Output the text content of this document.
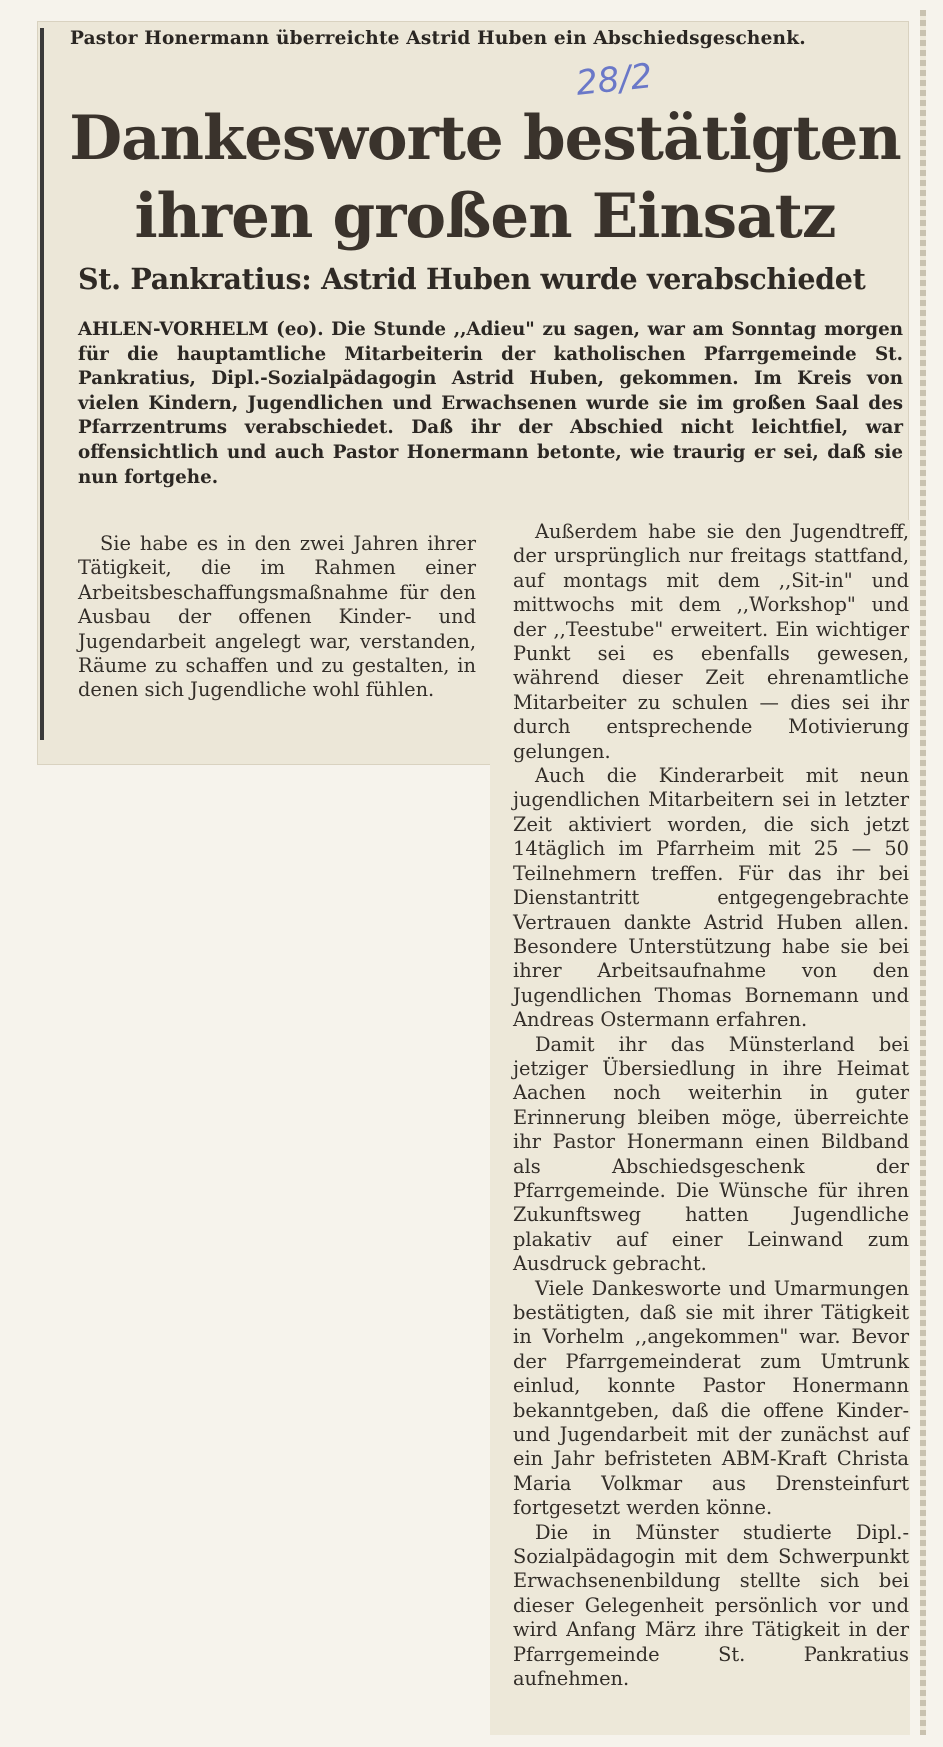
Pastor Honermann überreichte Astrid Huben ein Abschiedsgeschenk.
28/2
Dankesworte bestätigten
ihren großen Einsatz
St. Pankratius: Astrid Huben wurde verabschiedet

AHLEN-VORHELM (eo). Die Stunde ,,Adieu" zu sagen, war am Sonntag morgen für die hauptamtliche Mitarbeiterin der katholischen Pfarrgemeinde St. Pankratius, Dipl.-Sozialpädagogin Astrid Huben, gekommen. Im Kreis von vielen Kindern, Jugendlichen und Erwachsenen wurde sie im großen Saal des Pfarrzentrums verabschiedet. Daß ihr der Abschied nicht leichtfiel, war offensichtlich und auch Pastor Honermann betonte, wie traurig er sei, daß sie nun fortgehe.

Sie habe es in den zwei Jahren ihrer Tätigkeit, die im Rahmen einer Arbeitsbeschaffungsmaßnahme für den Ausbau der offenen Kinder- und Jugendarbeit angelegt war, verstanden, Räume zu schaffen und zu gestalten, in denen sich Jugendliche wohl fühlen.

Außerdem habe sie den Jugendtreff, der ursprünglich nur freitags stattfand, auf montags mit dem ,,Sit-in" und mittwochs mit dem ,,Workshop" und der ,,Teestube" erweitert. Ein wichtiger Punkt sei es ebenfalls gewesen, während dieser Zeit ehrenamtliche Mitarbeiter zu schulen — dies sei ihr durch entsprechende Motivierung gelungen.

Auch die Kinderarbeit mit neun jugendlichen Mitarbeitern sei in letzter Zeit aktiviert worden, die sich jetzt 14täglich im Pfarrheim mit 25 — 50 Teilnehmern treffen. Für das ihr bei Dienstantritt entgegengebrachte Vertrauen dankte Astrid Huben allen. Besondere Unterstützung habe sie bei ihrer Arbeitsaufnahme von den Jugendlichen Thomas Bornemann und Andreas Ostermann erfahren.

Damit ihr das Münsterland bei jetziger Übersiedlung in ihre Heimat Aachen noch weiterhin in guter Erinnerung bleiben möge, überreichte ihr Pastor Honermann einen Bildband als Abschiedsgeschenk der Pfarrgemeinde. Die Wünsche für ihren Zukunftsweg hatten Jugendliche plakativ auf einer Leinwand zum Ausdruck gebracht.

Viele Dankesworte und Umarmungen bestätigten, daß sie mit ihrer Tätigkeit in Vorhelm ,,angekommen" war. Bevor der Pfarrgemeinderat zum Umtrunk einlud, konnte Pastor Honermann bekanntgeben, daß die offene Kinder- und Jugendarbeit mit der zunächst auf ein Jahr befristeten ABM-Kraft Christa Maria Volkmar aus Drensteinfurt fortgesetzt werden könne.

Die in Münster studierte Dipl.-Sozialpädagogin mit dem Schwerpunkt Erwachsenenbildung stellte sich bei dieser Gelegenheit persönlich vor und wird Anfang März ihre Tätigkeit in der Pfarrgemeinde St. Pankratius aufnehmen.
